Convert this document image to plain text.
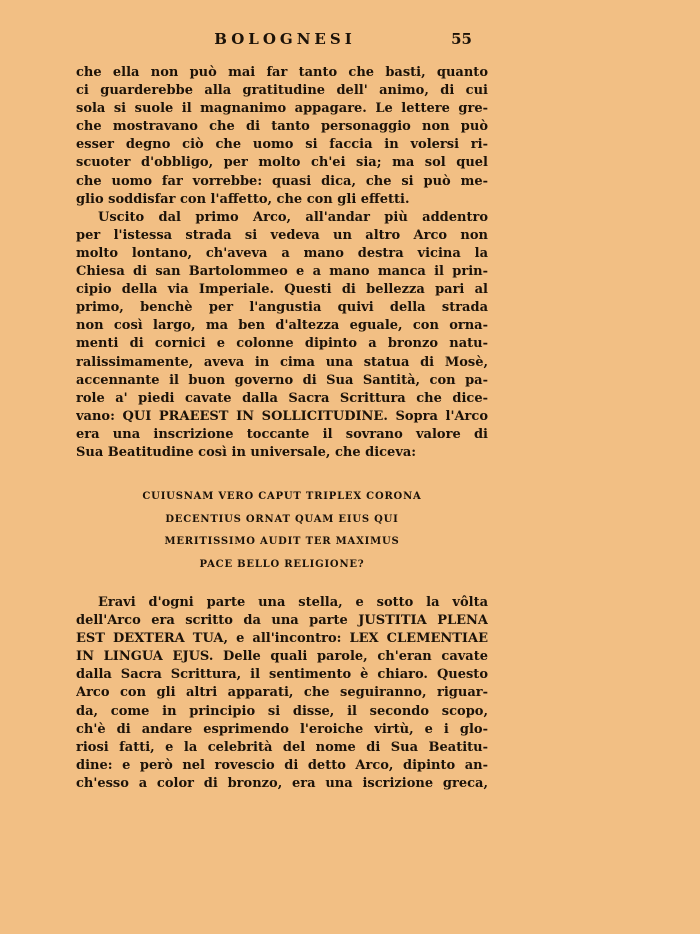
BOLOGNESI	55
che ella non può mai far tanto che basti, quanto
ci guarderebbe alla gratitudine dell' animo, di cui
sola si suole il magnanimo appagare. Le lettere gre-
che mostravano che di tanto personaggio non può
esser degno ciò che uomo si faccia in volersi ri-
scuoter d'obbligo, per molto ch'ei sia; ma sol quel
che uomo far vorrebbe: quasi dica, che si può me-
glio soddisfar con l'affetto, che con gli effetti.
Uscito dal primo Arco, all'andar più addentro
per l'istessa strada si vedeva un altro Arco non
molto lontano, ch'aveva a mano destra vicina la
Chiesa di san Bartolommeo e a mano manca il prin-
cipio della via Imperiale. Questi di bellezza pari al
primo, benchè per l'angustia quivi della strada
non così largo, ma ben d'altezza eguale, con orna-
menti di cornici e colonne dipinto a bronzo natu-
ralissimamente, aveva in cima una statua di Mosè,
accennante il buon governo di Sua Santità, con pa-
role a' piedi cavate dalla Sacra Scrittura che dice-
vano: QUI PRAEEST IN SOLLICITUDINE. Sopra l'Arco
era una inscrizione toccante il sovrano valore di
Sua Beatitudine così in universale, che diceva:
CUIUSNAM VERO CAPUT TRIPLEX CORONA
DECENTIUS ORNAT QUAM EIUS QUI
MERITISSIMO AUDIT TER MAXIMUS
PACE BELLO RELIGIONE?
Eravi d'ogni parte una stella, e sotto la vôlta
dell'Arco era scritto da una parte JUSTITIA PLENA
EST DEXTERA TUA, e all'incontro: LEX CLEMENTIAE
IN LINGUA EJUS. Delle quali parole, ch'eran cavate
dalla Sacra Scrittura, il sentimento è chiaro. Questo
Arco con gli altri apparati, che seguiranno, riguar-
da, come in principio si disse, il secondo scopo,
ch'è di andare esprimendo l'eroiche virtù, e i glo-
riosi fatti, e la celebrità del nome di Sua Beatitu-
dine: e però nel rovescio di detto Arco, dipinto an-
ch'esso a color di bronzo, era una iscrizione greca,
